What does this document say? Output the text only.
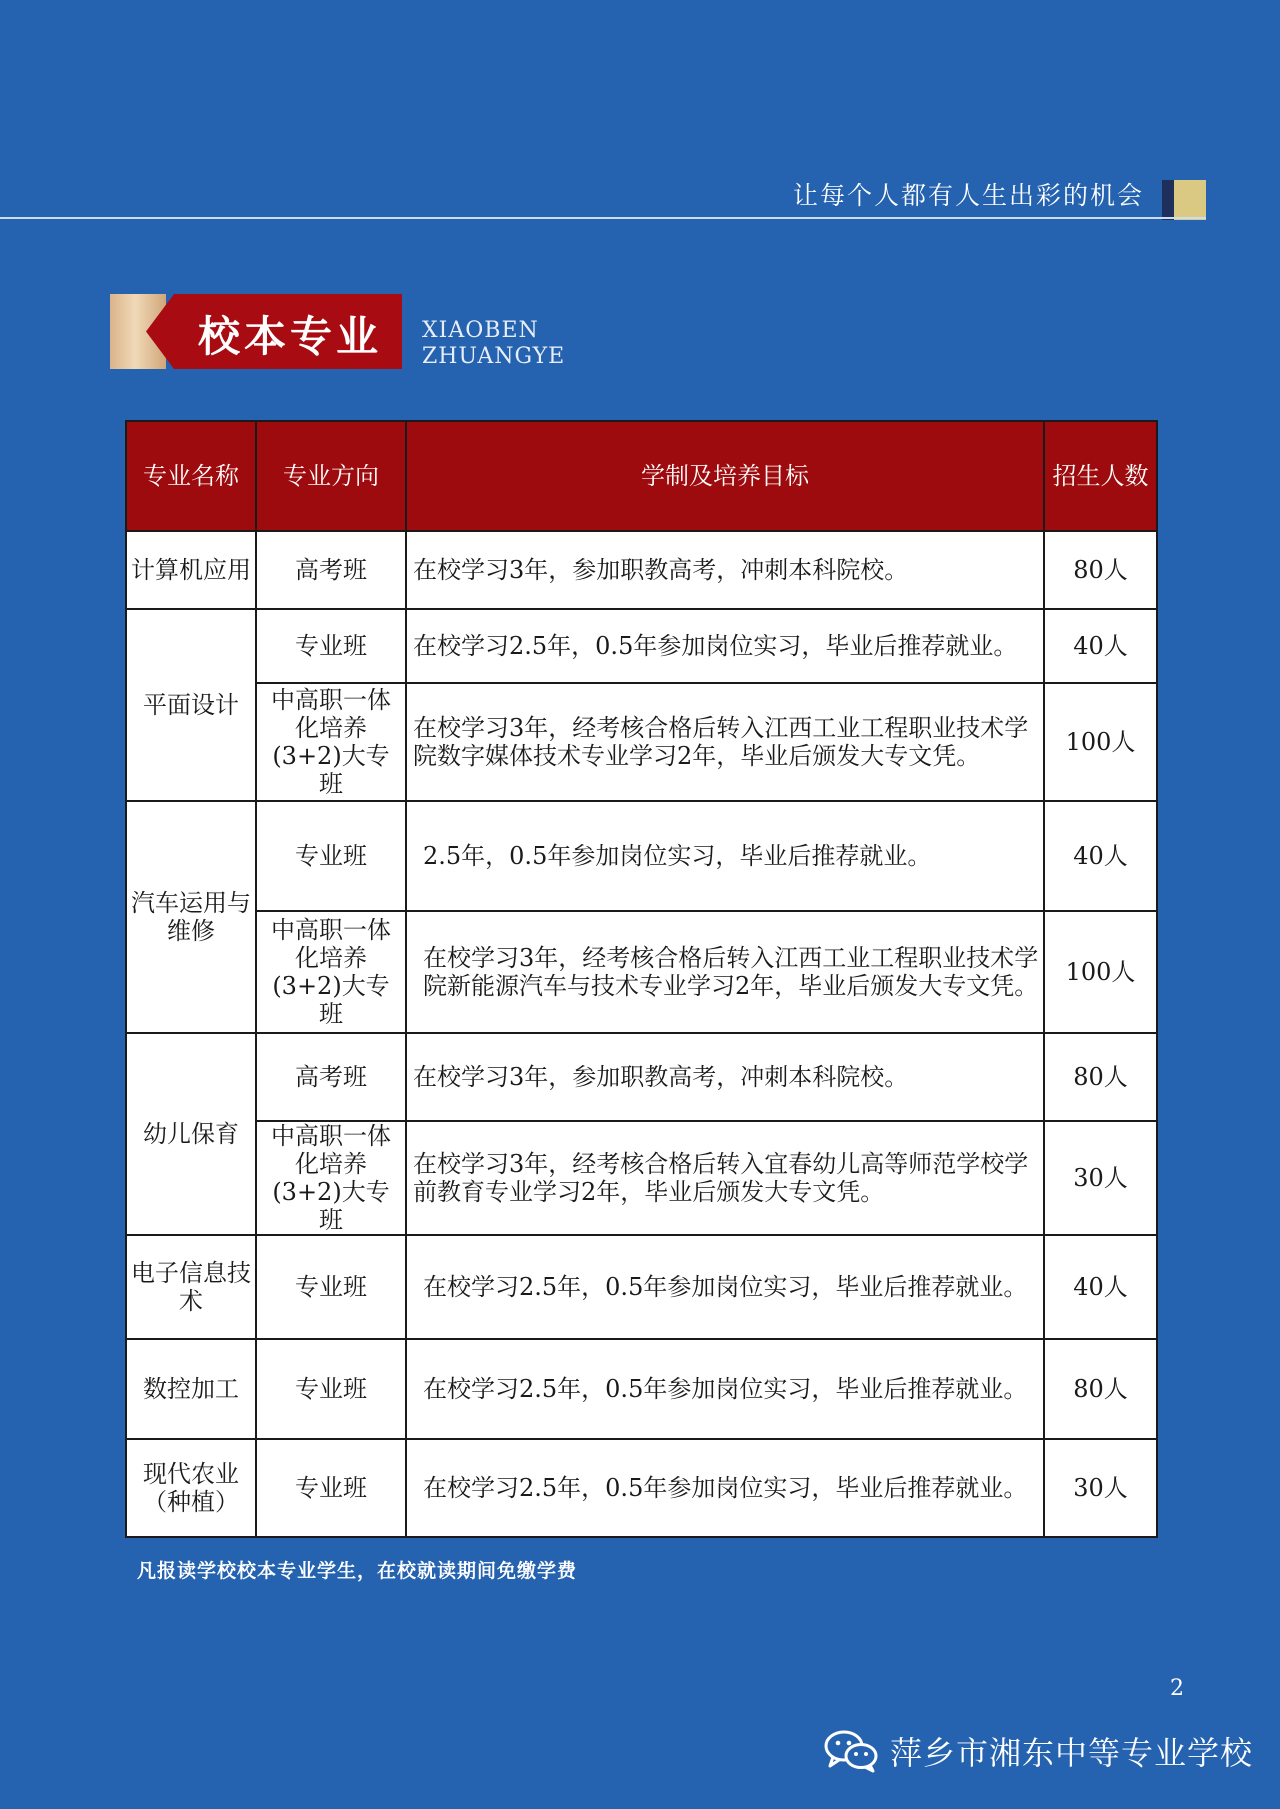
让每个人都有人生出彩的机会
校本专业 XIAOBEN
ZHUANGYE
专业名称	专业方向	学制及培养目标	招生人数
计算机应用	高考班	在校学习3年，参加职教高考，冲刺本科院校。	80人
平面设计	专业班	在校学习2.5年，0.5年参加岗位实习，毕业后推荐就业。	40人
	中高职一体化培养(3+2)大专班	在校学习3年，经考核合格后转入江西工业工程职业技术学院数字媒体技术专业学习2年，毕业后颁发大专文凭。	100人
汽车运用与维修	专业班	2.5年，0.5年参加岗位实习，毕业后推荐就业。	40人
	中高职一体化培养(3+2)大专班	在校学习3年，经考核合格后转入江西工业工程职业技术学院新能源汽车与技术专业学习2年，毕业后颁发大专文凭。	100人
幼儿保育	高考班	在校学习3年，参加职教高考，冲刺本科院校。	80人
	中高职一体化培养(3+2)大专班	在校学习3年，经考核合格后转入宜春幼儿高等师范学校学前教育专业学习2年，毕业后颁发大专文凭。	30人
电子信息技术	专业班	在校学习2.5年，0.5年参加岗位实习，毕业后推荐就业。	40人
数控加工	专业班	在校学习2.5年，0.5年参加岗位实习，毕业后推荐就业。	80人
现代农业（种植）	专业班	在校学习2.5年，0.5年参加岗位实习，毕业后推荐就业。	30人
凡报读学校校本专业学生，在校就读期间免缴学费
2
萍乡市湘东中等专业学校
